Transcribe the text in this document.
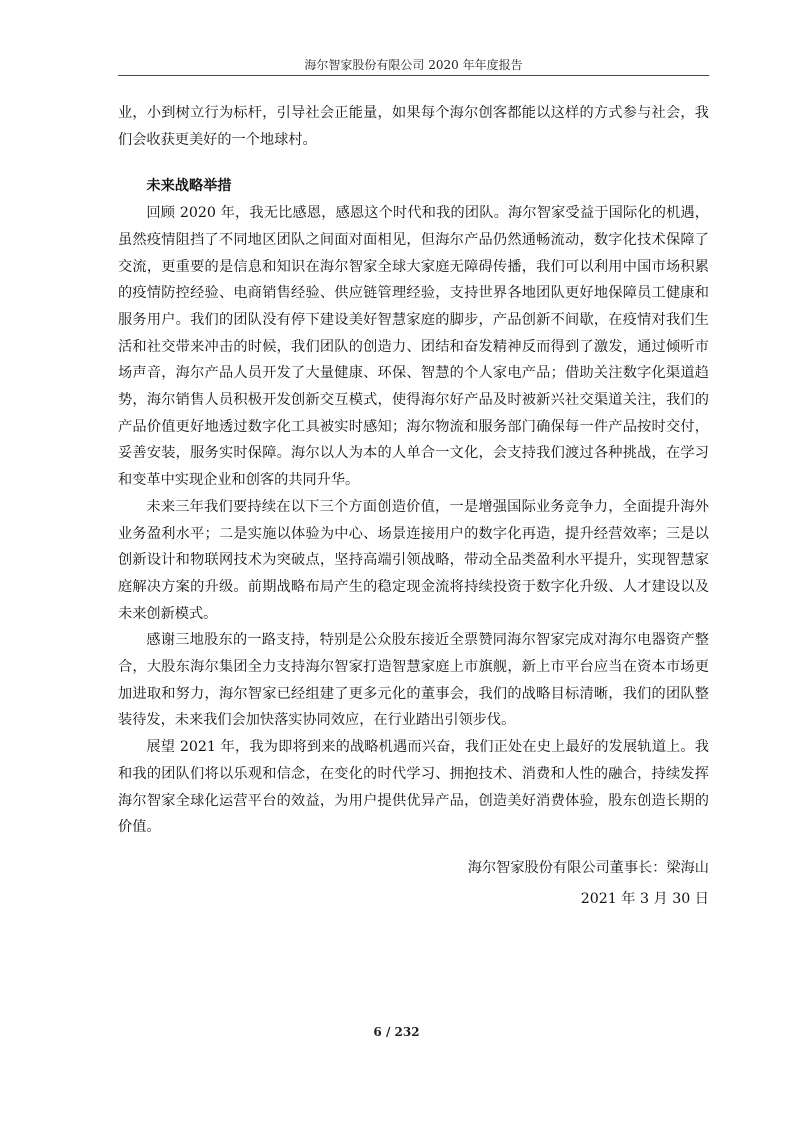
海尔智家股份有限公司 2020 年年度报告

业，小到树立行为标杆，引导社会正能量，如果每个海尔创客都能以这样的方式参与社会，我们会收获更美好的一个地球村。

未来战略举措

回顾 2020 年，我无比感恩，感恩这个时代和我的团队。海尔智家受益于国际化的机遇，虽然疫情阻挡了不同地区团队之间面对面相见，但海尔产品仍然通畅流动，数字化技术保障了交流，更重要的是信息和知识在海尔智家全球大家庭无障碍传播，我们可以利用中国市场积累的疫情防控经验、电商销售经验、供应链管理经验，支持世界各地团队更好地保障员工健康和服务用户。我们的团队没有停下建设美好智慧家庭的脚步，产品创新不间歇，在疫情对我们生活和社交带来冲击的时候，我们团队的创造力、团结和奋发精神反而得到了激发，通过倾听市场声音，海尔产品人员开发了大量健康、环保、智慧的个人家电产品；借助关注数字化渠道趋势，海尔销售人员积极开发创新交互模式，使得海尔好产品及时被新兴社交渠道关注，我们的产品价值更好地透过数字化工具被实时感知；海尔物流和服务部门确保每一件产品按时交付，妥善安装，服务实时保障。海尔以人为本的人单合一文化，会支持我们渡过各种挑战，在学习和变革中实现企业和创客的共同升华。

未来三年我们要持续在以下三个方面创造价值，一是增强国际业务竞争力，全面提升海外业务盈利水平；二是实施以体验为中心、场景连接用户的数字化再造，提升经营效率；三是以创新设计和物联网技术为突破点，坚持高端引领战略，带动全品类盈利水平提升，实现智慧家庭解决方案的升级。前期战略布局产生的稳定现金流将持续投资于数字化升级、人才建设以及未来创新模式。

感谢三地股东的一路支持，特别是公众股东接近全票赞同海尔智家完成对海尔电器资产整合，大股东海尔集团全力支持海尔智家打造智慧家庭上市旗舰，新上市平台应当在资本市场更加进取和努力，海尔智家已经组建了更多元化的董事会，我们的战略目标清晰，我们的团队整装待发，未来我们会加快落实协同效应，在行业踏出引领步伐。

展望 2021 年，我为即将到来的战略机遇而兴奋，我们正处在史上最好的发展轨道上。我和我的团队们将以乐观和信念，在变化的时代学习、拥抱技术、消费和人性的融合，持续发挥海尔智家全球化运营平台的效益，为用户提供优异产品，创造美好消费体验，股东创造长期的价值。

海尔智家股份有限公司董事长：梁海山
2021 年 3 月 30 日
6 / 232
